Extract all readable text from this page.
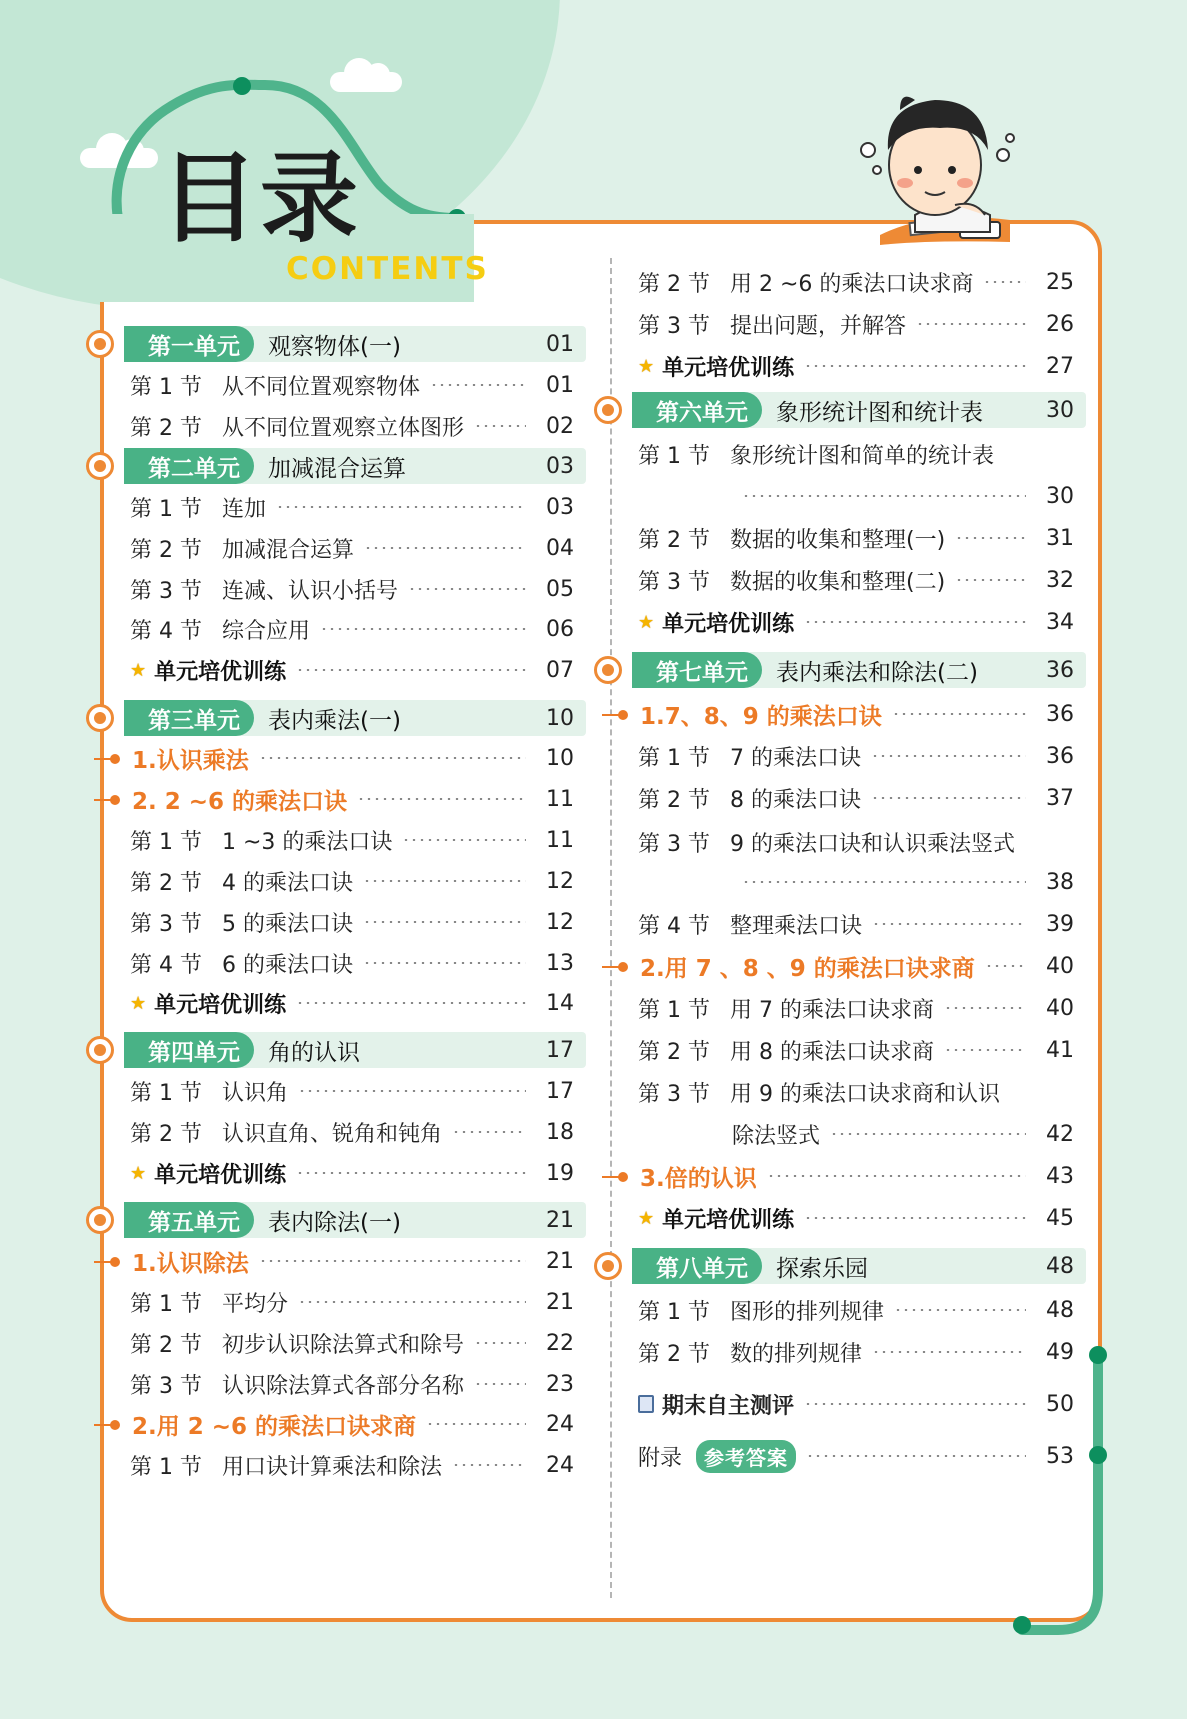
目录
CONTENTS
第一单元	观察物体(一)	01
第 1 节 从不同位置观察物体	01
第 2 节 从不同位置观察立体图形	02
第二单元	加减混合运算	03
第 1 节 连加	03
第 2 节 加减混合运算	04
第 3 节 连减、认识小括号	05
第 4 节 综合应用	06
★ 单元培优训练	07
第三单元	表内乘法(一)	10
1.认识乘法	10
2. 2 ~6 的乘法口诀	11
第 1 节 1 ~3 的乘法口诀	11
第 2 节 4 的乘法口诀	12
第 3 节 5 的乘法口诀	12
第 4 节 6 的乘法口诀	13
★ 单元培优训练	14
第四单元	角的认识	17
第 1 节 认识角	17
第 2 节 认识直角、锐角和钝角	18
★ 单元培优训练	19
第五单元	表内除法(一)	21
1.认识除法	21
第 1 节 平均分	21
第 2 节 初步认识除法算式和除号	22
第 3 节 认识除法算式各部分名称	23
2.用 2 ~6 的乘法口诀求商	24
第 1 节 用口诀计算乘法和除法	24
第 2 节 用 2 ~6 的乘法口诀求商	25
第 3 节 提出问题，并解答	26
★ 单元培优训练	27
第六单元	象形统计图和统计表	30
第 1 节 象形统计图和简单的统计表
30
第 2 节 数据的收集和整理(一)	31
第 3 节 数据的收集和整理(二)	32
★ 单元培优训练	34
第七单元	表内乘法和除法(二)	36
1.7、8、9 的乘法口诀	36
第 1 节 7 的乘法口诀	36
第 2 节 8 的乘法口诀	37
第 3 节 9 的乘法口诀和认识乘法竖式
38
第 4 节 整理乘法口诀	39
2.用 7 、8 、9 的乘法口诀求商	40
第 1 节 用 7 的乘法口诀求商	40
第 2 节 用 8 的乘法口诀求商	41
第 3 节 用 9 的乘法口诀求商和认识
除法竖式	42
3.倍的认识	43
★ 单元培优训练	45
第八单元	探索乐园	48
第 1 节 图形的排列规律	48
第 2 节 数的排列规律	49
期末自主测评	50
附录	参考答案	53
